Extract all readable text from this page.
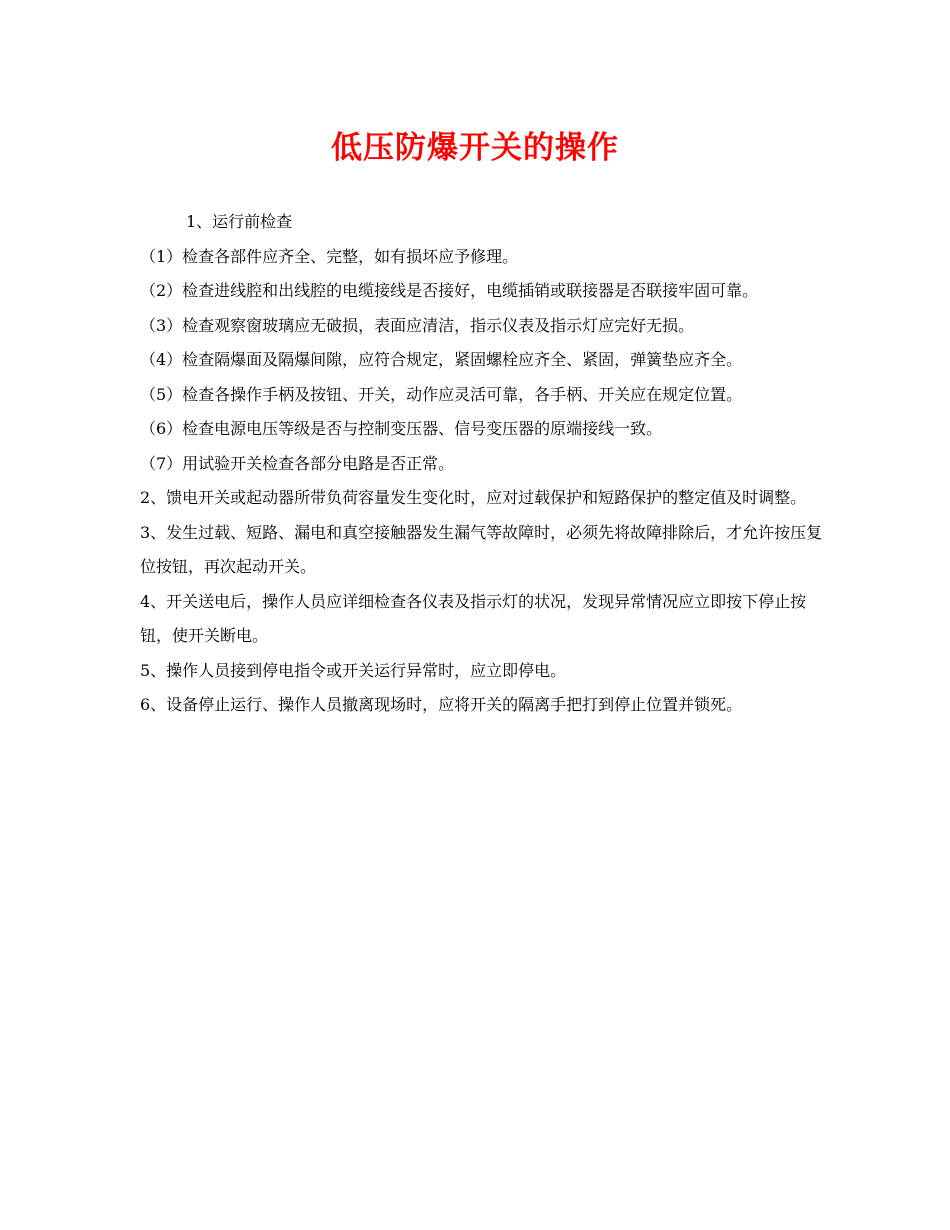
低压防爆开关的操作

1、运行前检查

（1）检查各部件应齐全、完整，如有损坏应予修理。

（2）检查进线腔和出线腔的电缆接线是否接好，电缆插销或联接器是否联接牢固可靠。

（3）检查观察窗玻璃应无破损，表面应清洁，指示仪表及指示灯应完好无损。

（4）检查隔爆面及隔爆间隙，应符合规定，紧固螺栓应齐全、紧固，弹簧垫应齐全。

（5）检查各操作手柄及按钮、开关，动作应灵活可靠，各手柄、开关应在规定位置。

（6）检查电源电压等级是否与控制变压器、信号变压器的原端接线一致。

（7）用试验开关检查各部分电路是否正常。

2、馈电开关或起动器所带负荷容量发生变化时，应对过载保护和短路保护的整定值及时调整。

3、发生过载、短路、漏电和真空接触器发生漏气等故障时，必须先将故障排除后，才允许按压复位按钮，再次起动开关。

4、开关送电后，操作人员应详细检查各仪表及指示灯的状况，发现异常情况应立即按下停止按钮，使开关断电。

5、操作人员接到停电指令或开关运行异常时，应立即停电。

6、设备停止运行、操作人员撤离现场时，应将开关的隔离手把打到停止位置并锁死。
